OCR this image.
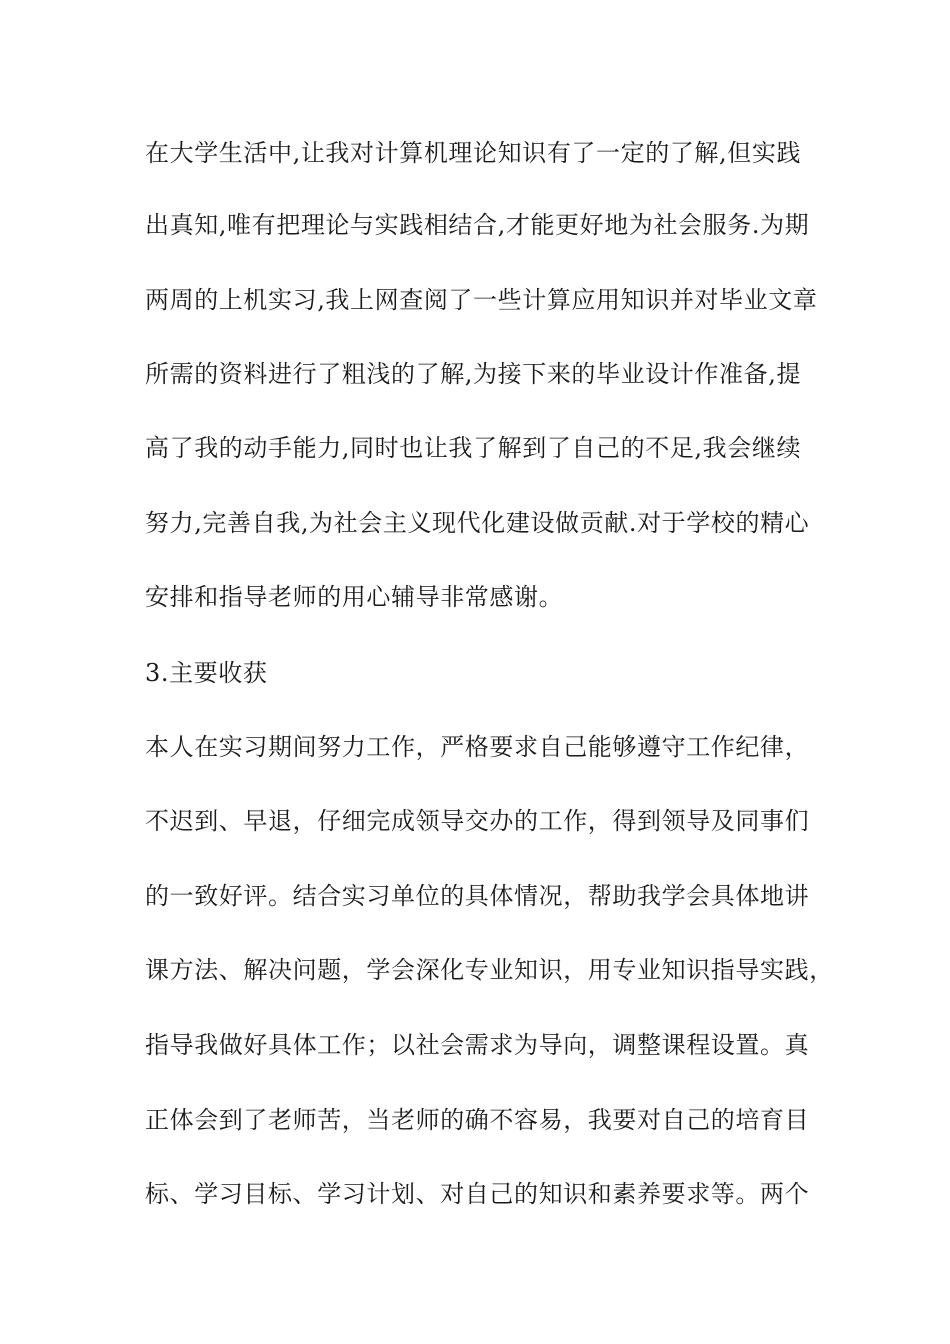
在大学生活中,让我对计算机理论知识有了一定的了解,但实践
出真知,唯有把理论与实践相结合,才能更好地为社会服务.为期
两周的上机实习,我上网查阅了一些计算应用知识并对毕业文章
所需的资料进行了粗浅的了解,为接下来的毕业设计作准备,提
高了我的动手能力,同时也让我了解到了自己的不足,我会继续
努力,完善自我,为社会主义现代化建设做贡献.对于学校的精心
安排和指导老师的用心辅导非常感谢。
3.主要收获
本人在实习期间努力工作，严格要求自己能够遵守工作纪律，
不迟到、早退，仔细完成领导交办的工作，得到领导及同事们
的一致好评。结合实习单位的具体情况，帮助我学会具体地讲
课方法、解决问题，学会深化专业知识，用专业知识指导实践，
指导我做好具体工作；以社会需求为导向，调整课程设置。真
正体会到了老师苦，当老师的确不容易，我要对自己的培育目
标、学习目标、学习计划、对自己的知识和素养要求等。两个
